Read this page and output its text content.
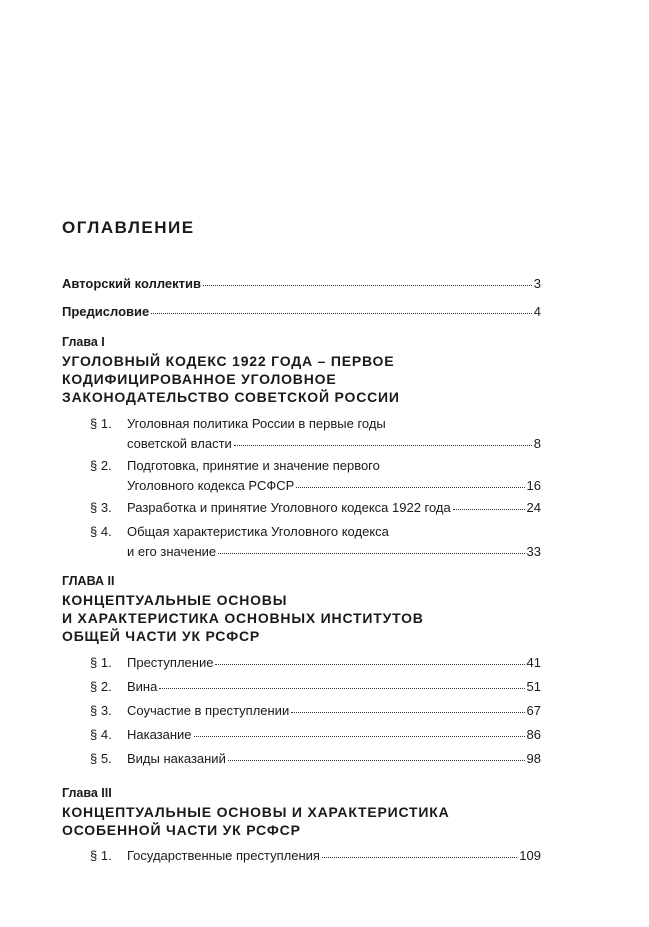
ОГЛАВЛЕНИЕ
Авторский коллектив	3
Предисловие	4
Глава I
УГОЛОВНЫЙ КОДЕКС 1922 ГОДА – ПЕРВОЕ
КОДИФИЦИРОВАННОЕ УГОЛОВНОЕ
ЗАКОНОДАТЕЛЬСТВО СОВЕТСКОЙ РОССИИ
§ 1.	Уголовная политика России в первые годы
советской власти	8
§ 2.	Подготовка, принятие и значение первого
Уголовного кодекса РСФСР	16
§ 3.	Разработка и принятие Уголовного кодекса 1922 года	24
§ 4.	Общая характеристика Уголовного кодекса
и его значение	33
ГЛАВА II
КОНЦЕПТУАЛЬНЫЕ ОСНОВЫ
И ХАРАКТЕРИСТИКА ОСНОВНЫХ ИНСТИТУТОВ
ОБЩЕЙ ЧАСТИ УК РСФСР
§ 1.	Преступление	41
§ 2.	Вина	51
§ 3.	Соучастие в преступлении	67
§ 4.	Наказание	86
§ 5.	Виды наказаний	98
Глава III
КОНЦЕПТУАЛЬНЫЕ ОСНОВЫ И ХАРАКТЕРИСТИКА
ОСОБЕННОЙ ЧАСТИ УК РСФСР
§ 1.	Государственные преступления	109
